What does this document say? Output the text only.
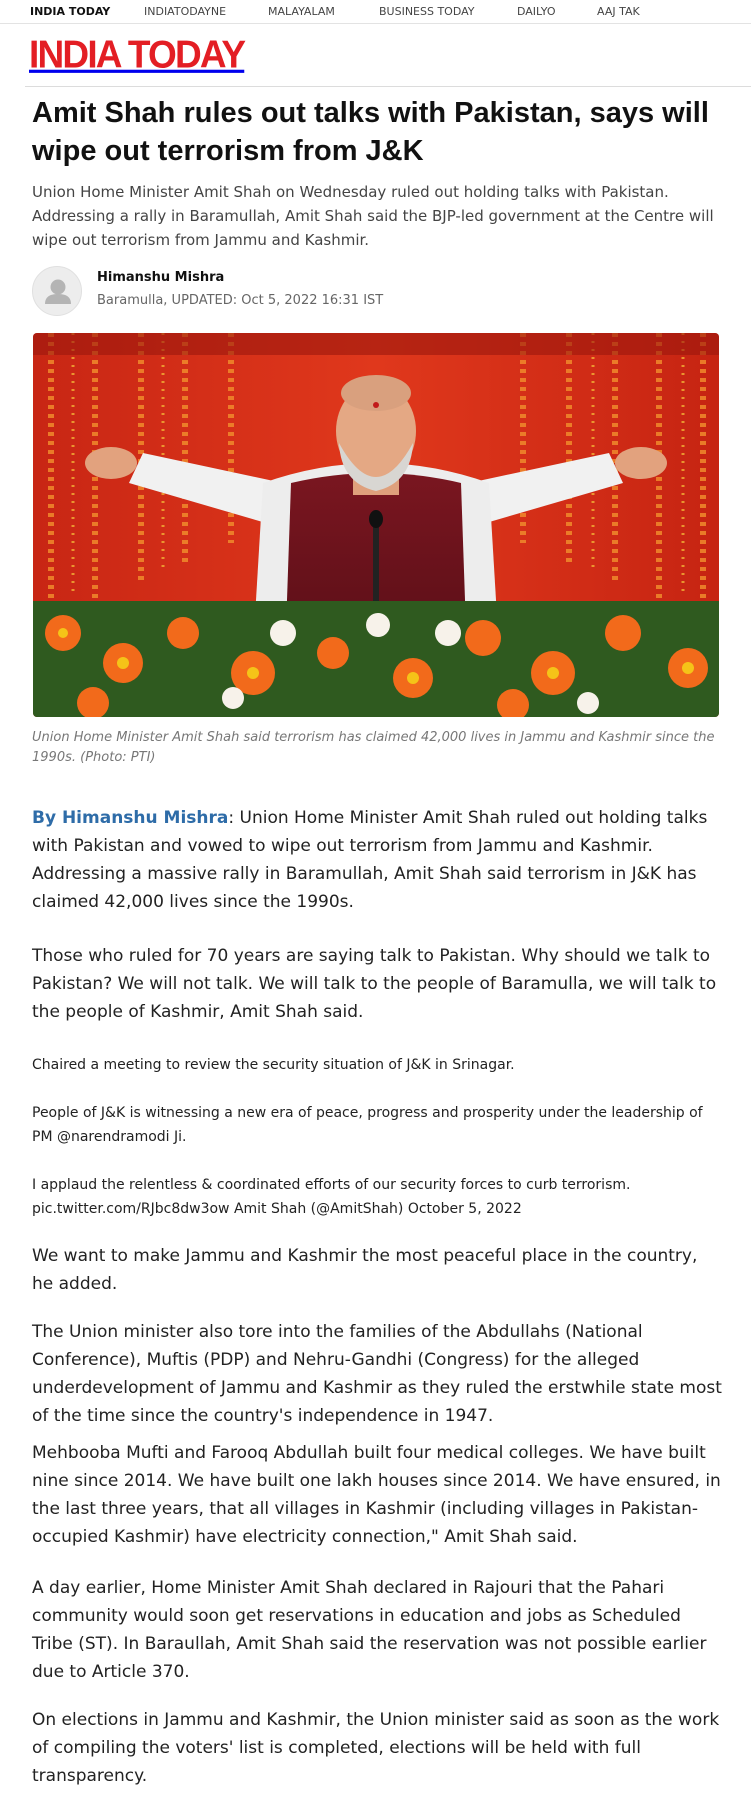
INDIA TODAY	INDIATODAYNE	MALAYALAM	BUSINESS TODAY	DAILYO	AAJ TAK
INDIA TODAY
Amit Shah rules out talks with Pakistan, says will wipe out terrorism from J&K

Union Home Minister Amit Shah on Wednesday ruled out holding talks with Pakistan. Addressing a rally in Baramullah, Amit Shah said the BJP-led government at the Centre will wipe out terrorism from Jammu and Kashmir.

Himanshu Mishra
Baramulla, UPDATED: Oct 5, 2022 16:31 IST

Union Home Minister Amit Shah said terrorism has claimed 42,000 lives in Jammu and Kashmir since the 1990s. (Photo: PTI)

By Himanshu Mishra: Union Home Minister Amit Shah ruled out holding talks with Pakistan and vowed to wipe out terrorism from Jammu and Kashmir. Addressing a massive rally in Baramullah, Amit Shah said terrorism in J&K has claimed 42,000 lives since the 1990s.

Those who ruled for 70 years are saying talk to Pakistan. Why should we talk to Pakistan? We will not talk. We will talk to the people of Baramulla, we will talk to the people of Kashmir, Amit Shah said.

Chaired a meeting to review the security situation of J&K in Srinagar.

People of J&K is witnessing a new era of peace, progress and prosperity under the leadership of PM @narendramodi Ji.

I applaud the relentless & coordinated efforts of our security forces to curb terrorism. pic.twitter.com/RJbc8dw3ow Amit Shah (@AmitShah) October 5, 2022

We want to make Jammu and Kashmir the most peaceful place in the country, he added.

The Union minister also tore into the families of the Abdullahs (National Conference), Muftis (PDP) and Nehru-Gandhi (Congress) for the alleged underdevelopment of Jammu and Kashmir as they ruled the erstwhile state most of the time since the country's independence in 1947.

Mehbooba Mufti and Farooq Abdullah built four medical colleges. We have built nine since 2014. We have built one lakh houses since 2014. We have ensured, in the last three years, that all villages in Kashmir (including villages in Pakistan-occupied Kashmir) have electricity connection," Amit Shah said.

A day earlier, Home Minister Amit Shah declared in Rajouri that the Pahari community would soon get reservations in education and jobs as Scheduled Tribe (ST). In Baraullah, Amit Shah said the reservation was not possible earlier due to Article 370.

On elections in Jammu and Kashmir, the Union minister said as soon as the work of compiling the voters' list is completed, elections will be held with full transparency.
